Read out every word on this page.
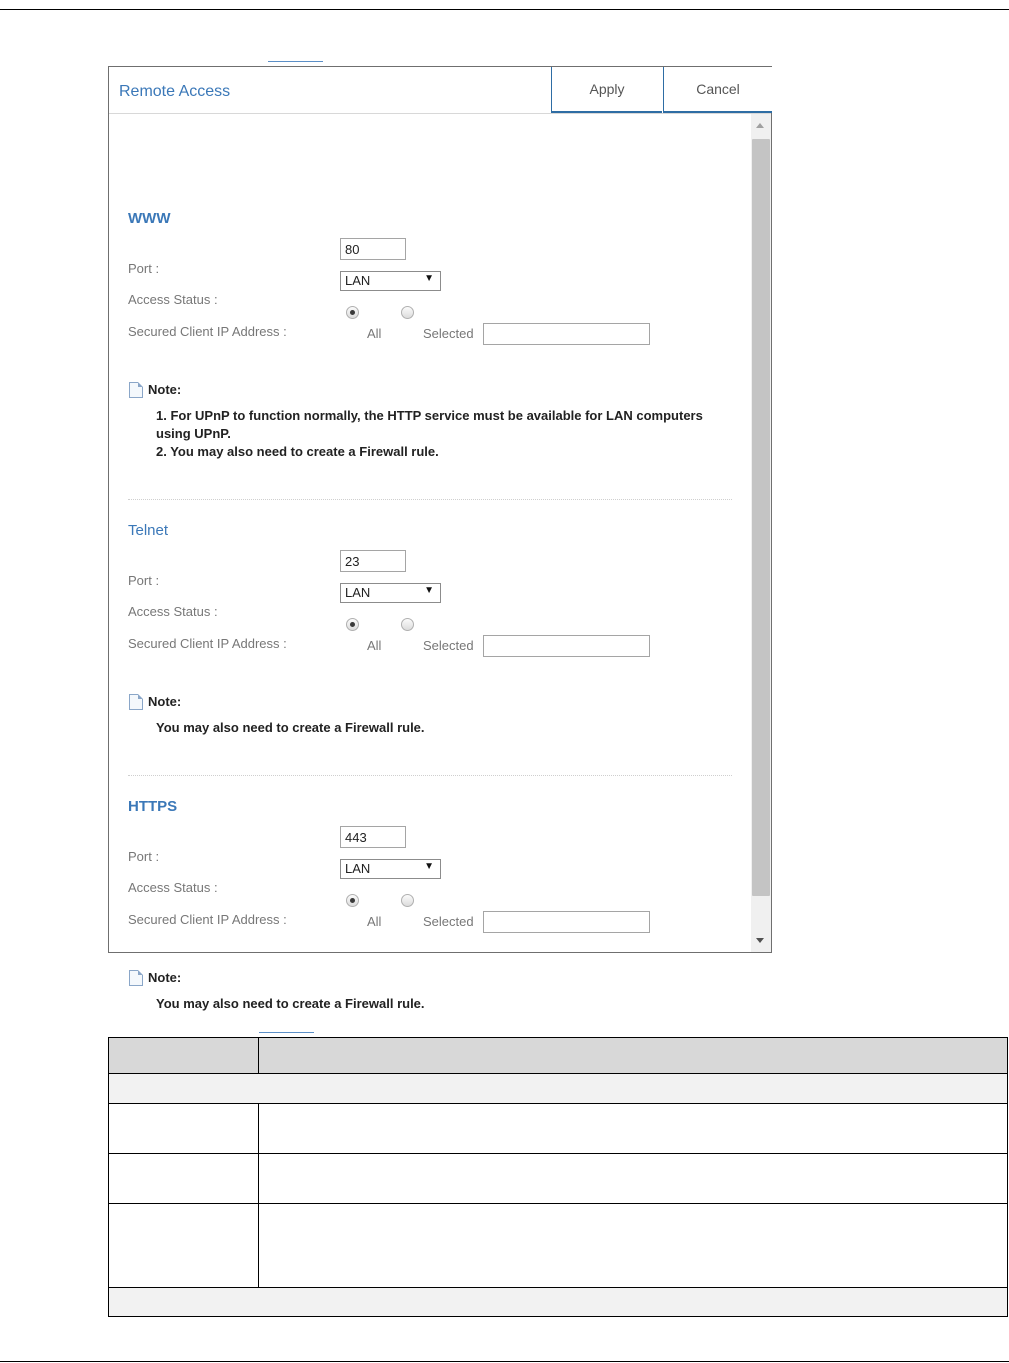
Remote Access	Apply	Cancel
WWW
Port :
80
Access Status :
LAN	▼
Secured Client IP Address :	All	Selected
Note:
1. For UPnP to function normally, the HTTP service must be available for LAN computers using UPnP.
2. You may also need to create a Firewall rule.
Telnet
Port :
23
Access Status :
LAN	▼
Secured Client IP Address :	All	Selected
Note:
You may also need to create a Firewall rule.
HTTPS
Port :
443
Access Status :
LAN	▼
Secured Client IP Address :	All	Selected
Note:
You may also need to create a Firewall rule.
